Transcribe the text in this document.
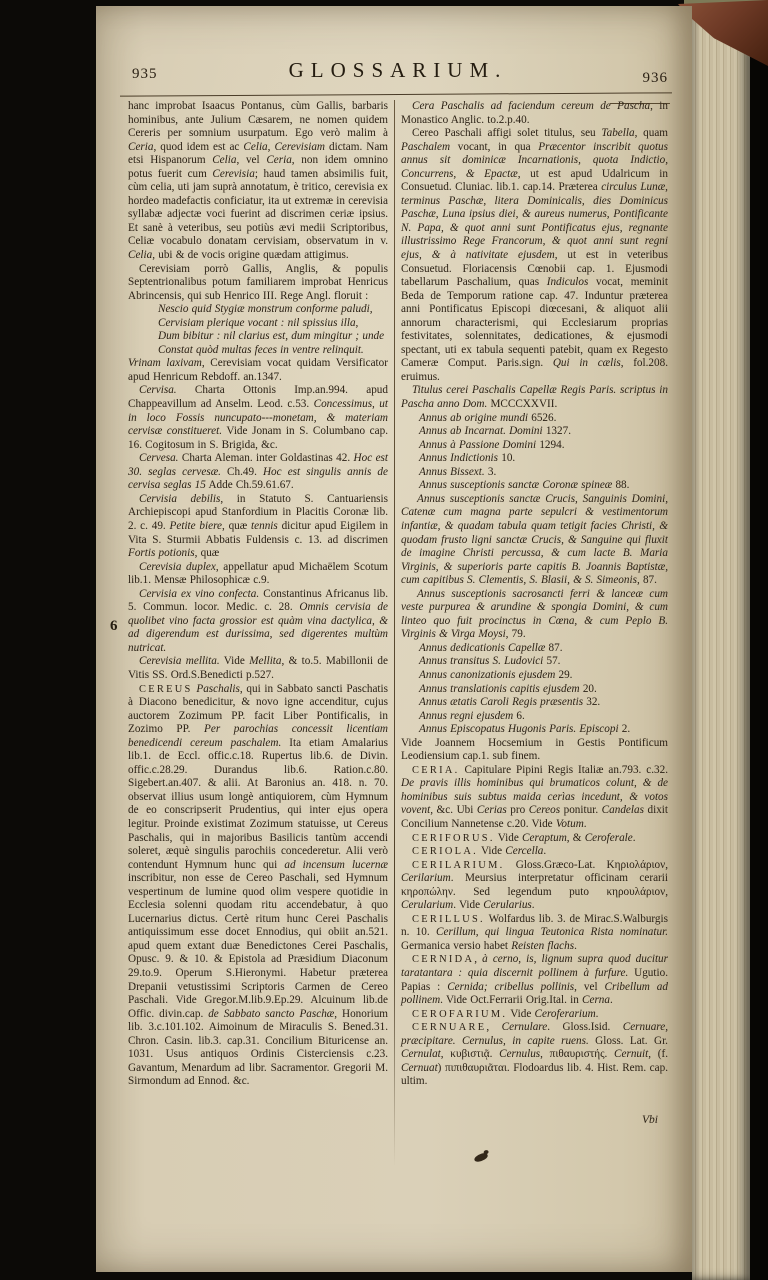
935	GLOSSARIUM.	936

hanc improbat Isaacus Pontanus, cùm Gallis, barbaris hominibus, ante Julium Cæsarem, ne nomen quidem Cereris per somnium usurpatum. Ego verò malim à Ceria, quod idem est ac Celia, Cerevisiam dictam. Nam etsi Hispanorum Celia, vel Ceria, non idem omnino potus fuerit cum Cerevisia; haud tamen absimilis fuit, cùm celia, uti jam suprà annotatum, è tritico, cerevisia ex hordeo madefactis conficiatur, ita ut extremæ in cerevisia syllabæ adjectæ voci fuerint ad discrimen ceriæ ipsius. Et sanè à veteribus, seu potiùs ævi medii Scriptoribus, Celiæ vocabulo donatam cervisiam, observatum in v. Celia, ubi & de vocis origine quædam attigimus.

Cerevisiam porrò Gallis, Anglis, & populis Septentrionalibus potum familiarem improbat Henricus Abrincensis, qui sub Henrico III. Rege Angl. floruit :

Nescio quid Stygiæ monstrum conforme paludi,

Cervisiam plerique vocant : nil spissius illa,

Dum bibitur : nil clarius est, dum mingitur ; unde

Constat quòd multas feces in ventre relinquit.

Vrinam laxivam, Cerevisiam vocat quidam Versificator apud Henricum Rebdoff. an.1347.

Cervisa. Charta Ottonis Imp.an.994. apud Chappeavillum ad Anselm. Leod. c.53. Concessimus, ut in loco Fossis nuncupato---monetam, & materiam cervisæ constitueret. Vide Jonam in S. Columbano cap. 16. Cogitosum in S. Brigida, &c.

Cervesa. Charta Aleman. inter Goldastinas 42. Hoc est 30. seglas cervesæ. Ch.49. Hoc est singulis annis de cervisa seglas 15 Adde Ch.59.61.67.

Cervisia debilis, in Statuto S. Cantuariensis Archiepiscopi apud Stanfordium in Placitis Coronæ lib. 2. c. 49. Petite biere, quæ tennis dicitur apud Eigilem in Vita S. Sturmii Abbatis Fuldensis c. 13. ad discrimen Fortis potionis, quæ

Cerevisia duplex, appellatur apud Michaëlem Scotum lib.1. Mensæ Philosophicæ c.9.

Cervisia ex vino confecta. Constantinus Africanus lib. 5. Commun. locor. Medic. c. 28. Omnis cervisia de quolibet vino facta grossior est quàm vina dactylica, & ad digerendum est durissima, sed digerentes multùm nutricat.

Cerevisia mellita. Vide Mellita, & to.5. Mabillonii de Vitis SS. Ord.S.Benedicti p.527.

CEREUS Paschalis, qui in Sabbato sancti Paschatis à Diacono benedicitur, & novo igne accenditur, cujus auctorem Zozimum PP. facit Liber Pontificalis, in Zozimo PP. Per parochias concessit licentiam benedicendi cereum paschalem. Ita etiam Amalarius lib.1. de Eccl. offic.c.18. Rupertus lib.6. de Divin. offic.c.28.29. Durandus lib.6. Ration.c.80. Sigebert.an.407. & alii. At Baronius an. 418. n. 70. observat illius usum longè antiquiorem, cùm Hymnum de eo conscripserit Prudentius, qui inter ejus opera legitur. Proinde existimat Zozimum statuisse, ut Cereus Paschalis, qui in majoribus Basilicis tantùm accendi soleret, æquè singulis parochiis concederetur. Alii verò contendunt Hymnum hunc qui ad incensum lucernæ inscribitur, non esse de Cereo Paschali, sed Hymnum vespertinum de lumine quod olim vespere quotidie in Ecclesia solenni quodam ritu accendebatur, à quo Lucernarius dictus. Certè ritum hunc Cerei Paschalis antiquissimum esse docet Ennodius, qui obiit an.521. apud quem extant duæ Benedictones Cerei Paschalis, Opusc. 9. & 10. & Epistola ad Præsidium Diaconum 29.to.9. Operum S.Hieronymi. Habetur præterea Drepanii vetustissimi Scriptoris Carmen de Cereo Paschali. Vide Gregor.M.lib.9.Ep.29. Alcuinum lib.de Offic. divin.cap. de Sabbato sancto Paschæ, Honorium lib. 3.c.101.102. Aimoinum de Miraculis S. Bened.31. Chron. Casin. lib.3. cap.31. Concilium Bituricense an. 1031. Usus antiquos Ordinis Cisterciensis c.23. Gavantum, Menardum ad libr. Sacramentor. Gregorii M. Sirmondum ad Ennod. &c.

Cera Paschalis ad faciendum cereum de Pascha, in Monastico Anglic. to.2.p.40.

Cereo Paschali affigi solet titulus, seu Tabella, quam Paschalem vocant, in qua Præcentor inscribit quotus annus sit dominicæ Incarnationis, quota Indictio, Concurrens, & Epactæ, ut est apud Udalricum in Consuetud. Cluniac. lib.1. cap.14. Præterea circulus Lunæ, terminus Paschæ, litera Dominicalis, dies Dominicus Paschæ, Luna ipsius diei, & aureus numerus, Pontificante N. Papa, & quot anni sunt Pontificatus ejus, regnante illustrissimo Rege Francorum, & quot anni sunt regni ejus, & à nativitate ejusdem, ut est in veteribus Consuetud. Floriacensis Cœnobii cap. 1. Ejusmodi tabellarum Paschalium, quas Indiculos vocat, meminit Beda de Temporum ratione cap. 47. Induntur præterea anni Pontificatus Episcopi diœcesani, & aliquot alii annorum characterismi, qui Ecclesiarum proprias festivitates, solennitates, dedicationes, & ejusmodi spectant, uti ex tabula sequenti patebit, quam ex Regesto Cameræ Comput. Paris.sign. Qui in cælis, fol.208. eruimus.

Titulus cerei Paschalis Capellæ Regis Paris. scriptus in Pascha anno Dom. MCCCXXVII.

Annus ab origine mundi 6526.

Annus ab Incarnat. Domini 1327.

Annus à Passione Domini 1294.

Annus Indictionis 10.

Annus Bissext. 3.

Annus susceptionis sanctæ Coronæ spineæ 88.

Annus susceptionis sanctæ Crucis, Sanguinis Domini, Catenæ cum magna parte sepulcri & vestimentorum infantiæ, & quadam tabula quam tetigit facies Christi, & quodam frusto ligni sanctæ Crucis, & Sanguine qui fluxit de imagine Christi percussa, & cum lacte B. Maria Virginis, & superioris parte capitis B. Joannis Baptistæ, cum capitibus S. Clementis, S. Blasii, & S. Simeonis, 87.

Annus susceptionis sacrosancti ferri & lanceæ cum veste purpurea & arundine & spongia Domini, & cum linteo quo fuit procinctus in Cœna, & cum Peplo B. Virginis & Virga Moysi, 79.

Annus dedicationis Capellæ 87.

Annus transitus S. Ludovici 57.

Annus canonizationis ejusdem 29.

Annus translationis capitis ejusdem 20.

Annus ætatis Caroli Regis præsentis 32.

Annus regni ejusdem 6.

Annus Episcopatus Hugonis Paris. Episcopi 2.

Vide Joannem Hocsemium in Gestis Pontificum Leodiensium cap.1. sub finem.

CERIA. Capitulare Pipini Regis Italiæ an.793. c.32. De pravis illis hominibus qui brumaticos colunt, & de hominibus suis subtus maida cerìas incedunt, & votos vovent, &c. Ubi Cerias pro Cereos ponitur. Candelas dixit Concilium Nannetense c.20. Vide Votum.

CERIFORUS. Vide Ceraptum, & Ceroferale.

CERIOLA. Vide Cercella.

CERILARIUM. Gloss.Græco-Lat. Κηριολάριον, Cerilarium. Meursius interpretatur officinam cerarii κηροπώλην. Sed legendum puto κηρουλάριον, Cerularium. Vide Cerularius.

CERILLUS. Wolfardus lib. 3. de Mirac.S.Walburgis n. 10. Cerillum, qui lingua Teutonica Rista nominatur. Germanica versio habet Reisten flachs.

CERNIDA, à cerno, is, lignum supra quod ducitur taratantara : quia discernit pollinem à furfure. Ugutio. Papias : Cernida; cribellus pollinis, vel Cribellum ad pollinem. Vide Oct.Ferrarii Orig.Ital. in Cerna.

CEROFARIUM. Vide Ceroferarium.

CERNUARE, Cernulare. Gloss.Isid. Cernuare, præcipitare. Cernulus, in capite ruens. Gloss. Lat. Gr. Cernulat, κυβιστιᾷ. Cernulus, πιθαυριστής. Cernuit, (f. Cernuat) πιπιθαυριᾶται. Flodoardus lib. 4. Hist. Rem. cap. ultim.

6
Vbi
